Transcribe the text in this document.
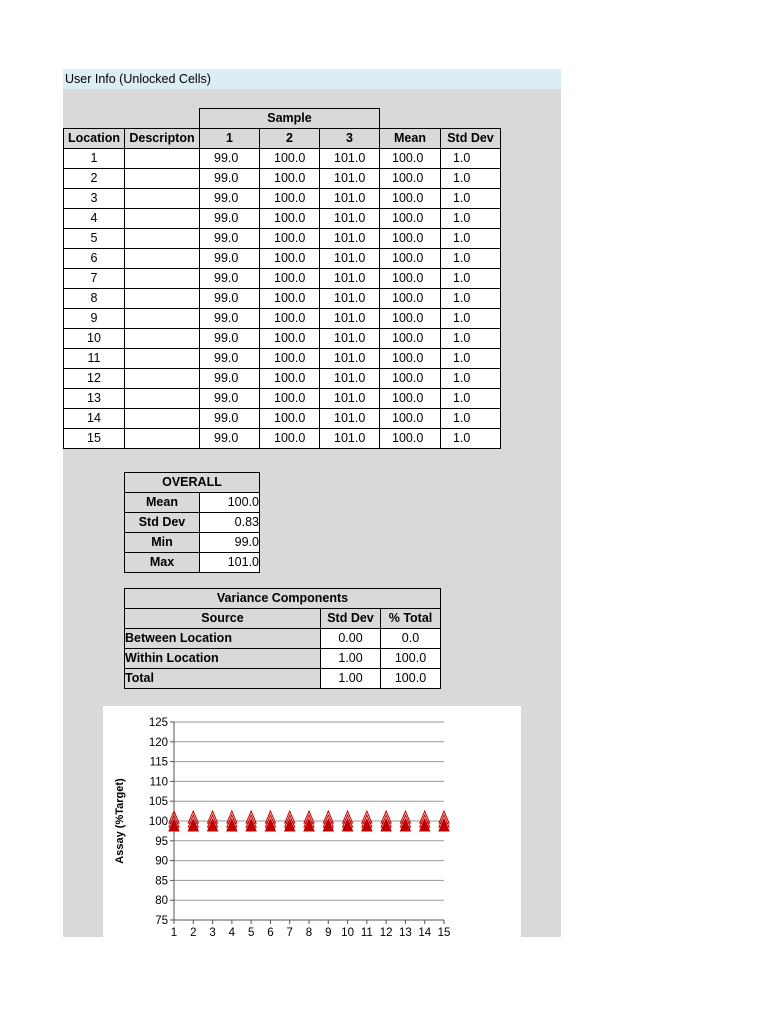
User Info (Unlocked Cells)
		Sample				
Location	Descripton	1	2	3	Mean	Std Dev
1		99.0	100.0	101.0	100.0	1.0
2		99.0	100.0	101.0	100.0	1.0
3		99.0	100.0	101.0	100.0	1.0
4		99.0	100.0	101.0	100.0	1.0
5		99.0	100.0	101.0	100.0	1.0
6		99.0	100.0	101.0	100.0	1.0
7		99.0	100.0	101.0	100.0	1.0
8		99.0	100.0	101.0	100.0	1.0
9		99.0	100.0	101.0	100.0	1.0
10		99.0	100.0	101.0	100.0	1.0
11		99.0	100.0	101.0	100.0	1.0
12		99.0	100.0	101.0	100.0	1.0
13		99.0	100.0	101.0	100.0	1.0
14		99.0	100.0	101.0	100.0	1.0
15		99.0	100.0	101.0	100.0	1.0
OVERALL	
Mean	100.0
Std Dev	0.83
Min	99.0
Max	101.0
Variance Components		
Source	Std Dev	% Total
Between Location	0.00	0.0
Within Location	1.00	100.0
Total	1.00	100.0
125
120
115
110
105
100
95
90
85
80
75
1 2 3 4 5 6 7 8 9 10 11 12 13 14 15
Assay (%Target)
